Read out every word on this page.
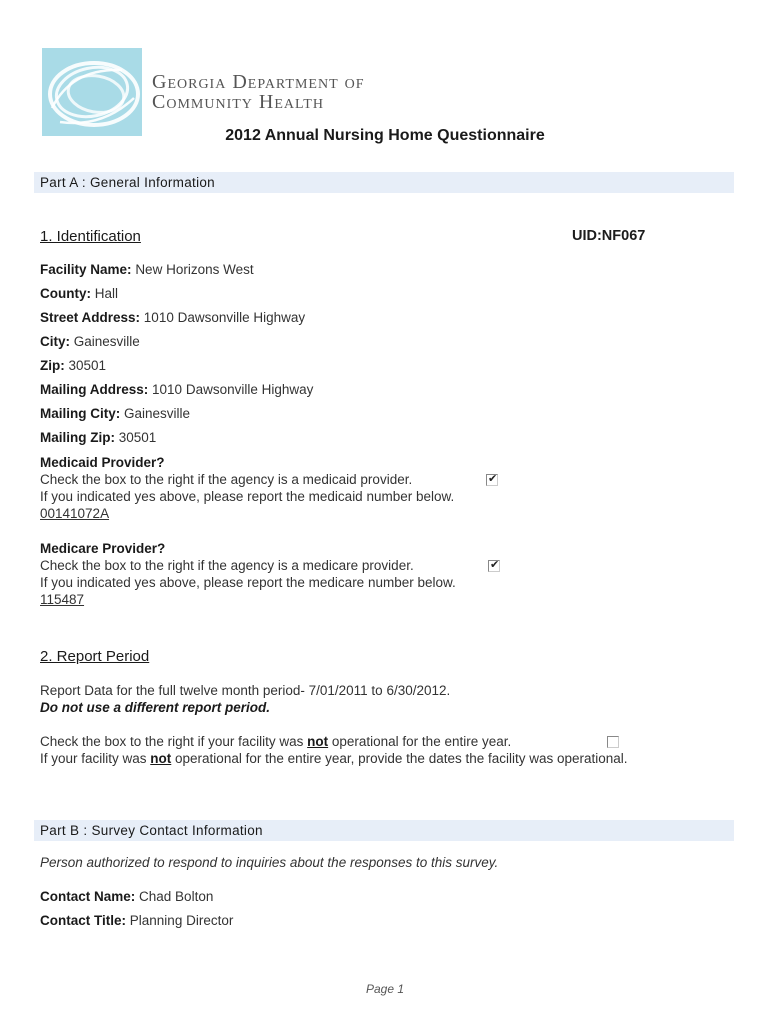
Georgia Department of
Community Health
2012 Annual Nursing Home Questionnaire
Part A : General Information
1. Identification	UID:NF067
Facility Name: New Horizons West
County: Hall
Street Address: 1010 Dawsonville Highway
City: Gainesville
Zip: 30501
Mailing Address: 1010 Dawsonville Highway
Mailing City: Gainesville
Mailing Zip: 30501
Medicaid Provider?
Check the box to the right if the agency is a medicaid provider.	✔
If you indicated yes above, please report the medicaid number below.
00141072A
Medicare Provider?
Check the box to the right if the agency is a medicare provider.	✔
If you indicated yes above, please report the medicare number below.
115487
2. Report Period
Report Data for the full twelve month period- 7/01/2011 to 6/30/2012.
Do not use a different report period.
Check the box to the right if your facility was not operational for the entire year.
If your facility was not operational for the entire year, provide the dates the facility was operational.
Part B : Survey Contact Information
Person authorized to respond to inquiries about the responses to this survey.
Contact Name: Chad Bolton
Contact Title: Planning Director
Page 1
